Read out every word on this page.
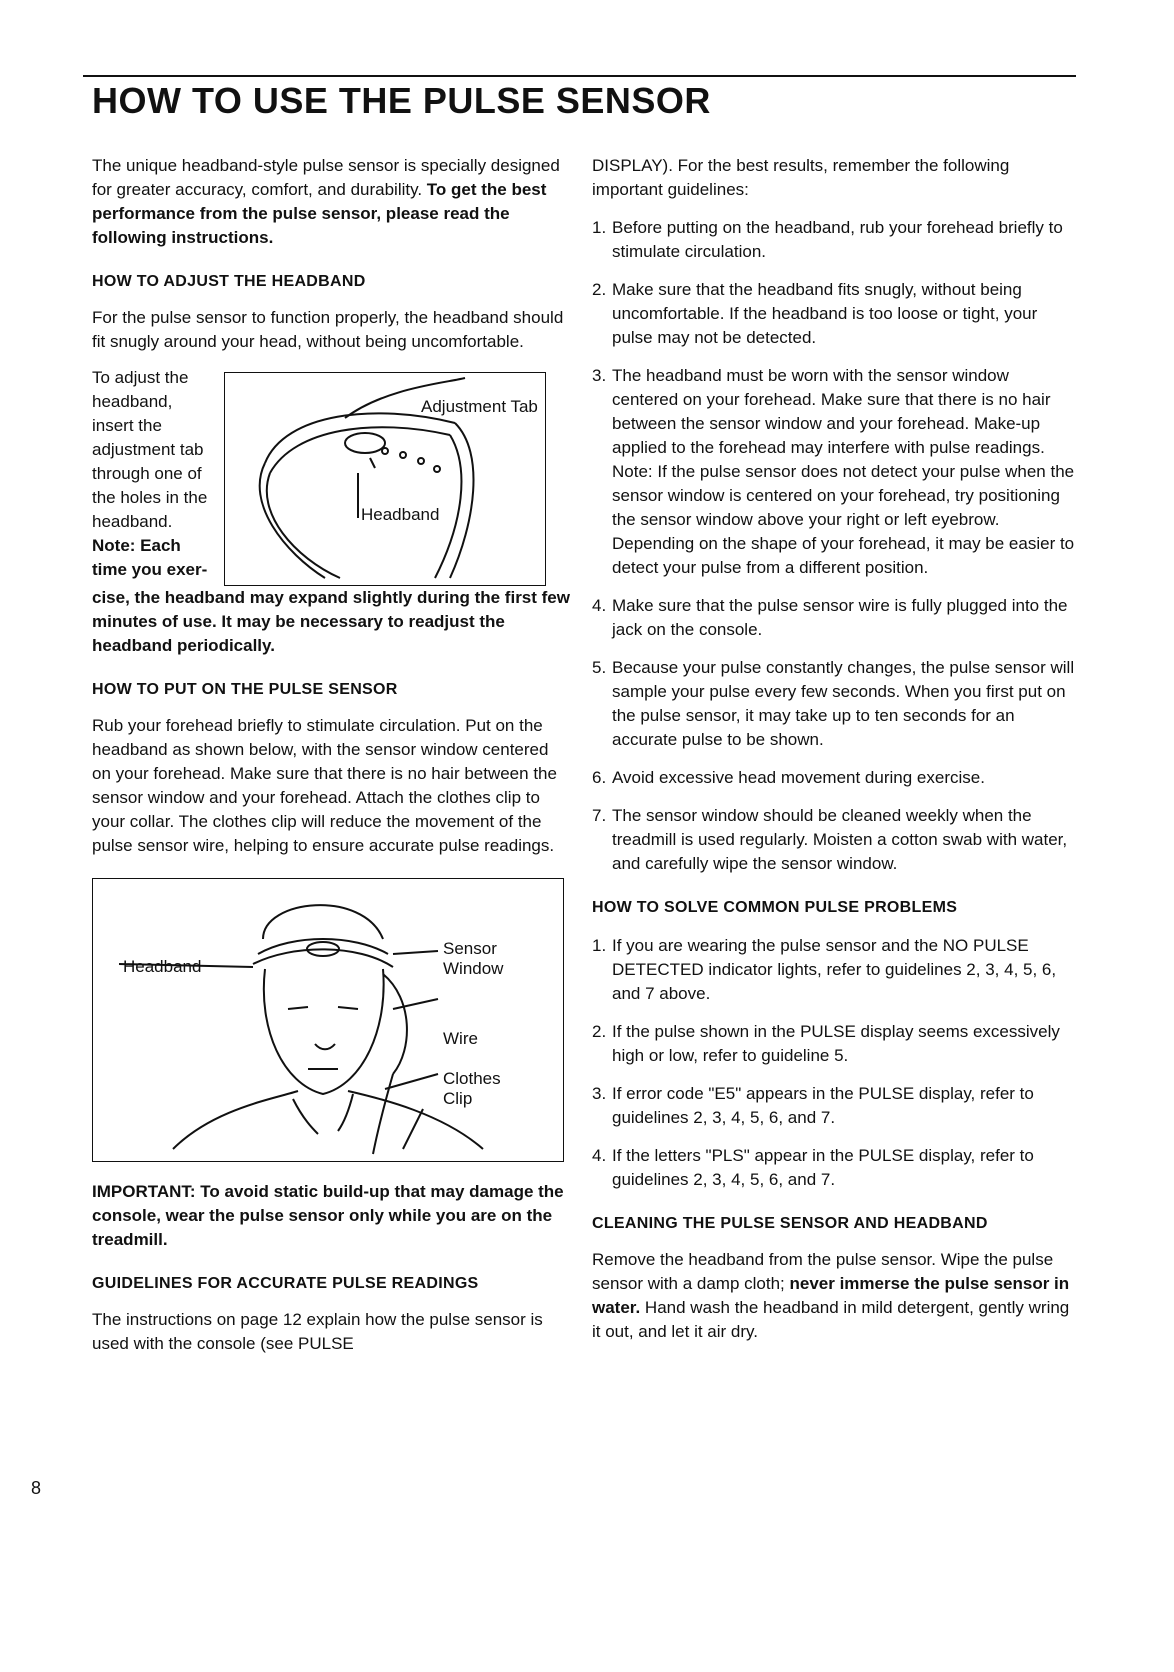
HOW TO USE THE PULSE SENSOR

The unique headband-style pulse sensor is specially designed for greater accuracy, comfort, and durability. To get the best performance from the pulse sensor, please read the following instructions.

HOW TO ADJUST THE HEADBAND

For the pulse sensor to function properly, the headband should fit snugly around your head, without being uncomfortable.

To adjust the headband, insert the adjustment tab through one of the holes in the headband. Note: Each time you exer-

Adjustment Tab
Headband

cise, the headband may expand slightly during the first few minutes of use. It may be necessary to readjust the headband periodically.

HOW TO PUT ON THE PULSE SENSOR

Rub your forehead briefly to stimulate circulation. Put on the headband as shown below, with the sensor window centered on your forehead. Make sure that there is no hair between the sensor window and your forehead. Attach the clothes clip to your collar. The clothes clip will reduce the movement of the pulse sensor wire, helping to ensure accurate pulse readings.

Headband
Sensor Window
Wire
Clothes Clip

IMPORTANT: To avoid static build-up that may damage the console, wear the pulse sensor only while you are on the treadmill.

GUIDELINES FOR ACCURATE PULSE READINGS

The instructions on page 12 explain how the pulse sensor is used with the console (see PULSE

DISPLAY). For the best results, remember the following important guidelines:

1. Before putting on the headband, rub your forehead briefly to stimulate circulation.
2. Make sure that the headband fits snugly, without being uncomfortable. If the headband is too loose or tight, your pulse may not be detected.
3. The headband must be worn with the sensor window centered on your forehead. Make sure that there is no hair between the sensor window and your forehead. Make-up applied to the forehead may interfere with pulse readings. Note: If the pulse sensor does not detect your pulse when the sensor window is centered on your forehead, try positioning the sensor window above your right or left eyebrow. Depending on the shape of your forehead, it may be easier to detect your pulse from a different position.
4. Make sure that the pulse sensor wire is fully plugged into the jack on the console.
5. Because your pulse constantly changes, the pulse sensor will sample your pulse every few seconds. When you first put on the pulse sensor, it may take up to ten seconds for an accurate pulse to be shown.
6. Avoid excessive head movement during exercise.
7. The sensor window should be cleaned weekly when the treadmill is used regularly. Moisten a cotton swab with water, and carefully wipe the sensor window.
HOW TO SOLVE COMMON PULSE PROBLEMS
1. If you are wearing the pulse sensor and the NO PULSE DETECTED indicator lights, refer to guidelines 2, 3, 4, 5, 6, and 7 above.
2. If the pulse shown in the PULSE display seems excessively high or low, refer to guideline 5.
3. If error code "E5" appears in the PULSE display, refer to guidelines 2, 3, 4, 5, 6, and 7.
4. If the letters "PLS" appear in the PULSE display, refer to guidelines 2, 3, 4, 5, 6, and 7.
CLEANING THE PULSE SENSOR AND HEADBAND

Remove the headband from the pulse sensor. Wipe the pulse sensor with a damp cloth; never immerse the pulse sensor in water. Hand wash the headband in mild detergent, gently wring it out, and let it air dry.

8
